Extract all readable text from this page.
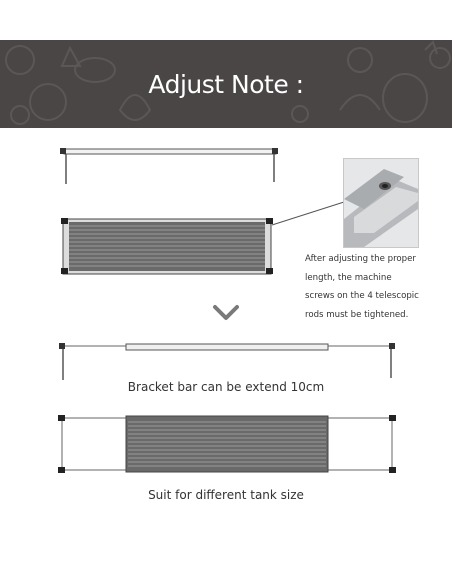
Adjust Note :
After adjusting the proper
length, the machine
screws on the 4 telescopic
rods must be tightened.
Bracket bar can be extend 10cm
Suit for different tank size
